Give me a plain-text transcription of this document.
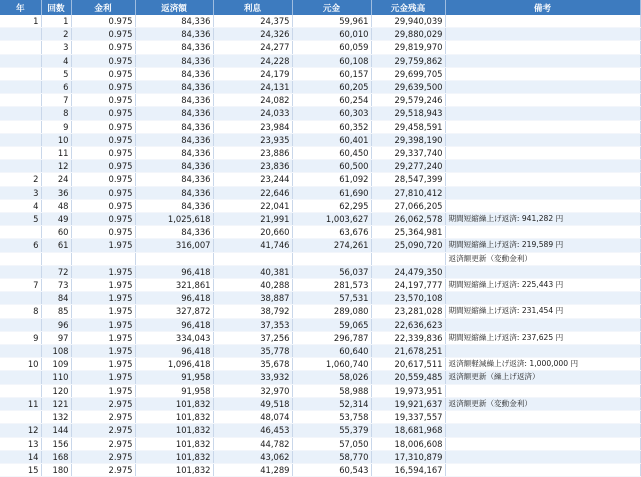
年	回数	金利	返済額	利息	元金	元金残高	備考
1	1	0.975	84,336	24,375	59,961	29,940,039	
	2	0.975	84,336	24,326	60,010	29,880,029	
	3	0.975	84,336	24,277	60,059	29,819,970	
	4	0.975	84,336	24,228	60,108	29,759,862	
	5	0.975	84,336	24,179	60,157	29,699,705	
	6	0.975	84,336	24,131	60,205	29,639,500	
	7	0.975	84,336	24,082	60,254	29,579,246	
	8	0.975	84,336	24,033	60,303	29,518,943	
	9	0.975	84,336	23,984	60,352	29,458,591	
	10	0.975	84,336	23,935	60,401	29,398,190	
	11	0.975	84,336	23,886	60,450	29,337,740	
	12	0.975	84,336	23,836	60,500	29,277,240	
2	24	0.975	84,336	23,244	61,092	28,547,399	
3	36	0.975	84,336	22,646	61,690	27,810,412	
4	48	0.975	84,336	22,041	62,295	27,066,205	
5	49	0.975	1,025,618	21,991	1,003,627	26,062,578	期間短縮繰上げ返済: 941,282 円
	60	0.975	84,336	20,660	63,676	25,364,981	
6	61	1.975	316,007	41,746	274,261	25,090,720	期間短縮繰上げ返済: 219,589 円
							返済額更新（変動金利）
	72	1.975	96,418	40,381	56,037	24,479,350	
7	73	1.975	321,861	40,288	281,573	24,197,777	期間短縮繰上げ返済: 225,443 円
	84	1.975	96,418	38,887	57,531	23,570,108	
8	85	1.975	327,872	38,792	289,080	23,281,028	期間短縮繰上げ返済: 231,454 円
	96	1.975	96,418	37,353	59,065	22,636,623	
9	97	1.975	334,043	37,256	296,787	22,339,836	期間短縮繰上げ返済: 237,625 円
	108	1.975	96,418	35,778	60,640	21,678,251	
10	109	1.975	1,096,418	35,678	1,060,740	20,617,511	返済額軽減繰上げ返済: 1,000,000 円
	110	1.975	91,958	33,932	58,026	20,559,485	返済額更新（繰上げ返済）
	120	1.975	91,958	32,970	58,988	19,973,951	
11	121	2.975	101,832	49,518	52,314	19,921,637	返済額更新（変動金利）
	132	2.975	101,832	48,074	53,758	19,337,557	
12	144	2.975	101,832	46,453	55,379	18,681,968	
13	156	2.975	101,832	44,782	57,050	18,006,608	
14	168	2.975	101,832	43,062	58,770	17,310,879	
15	180	2.975	101,832	41,289	60,543	16,594,167	
